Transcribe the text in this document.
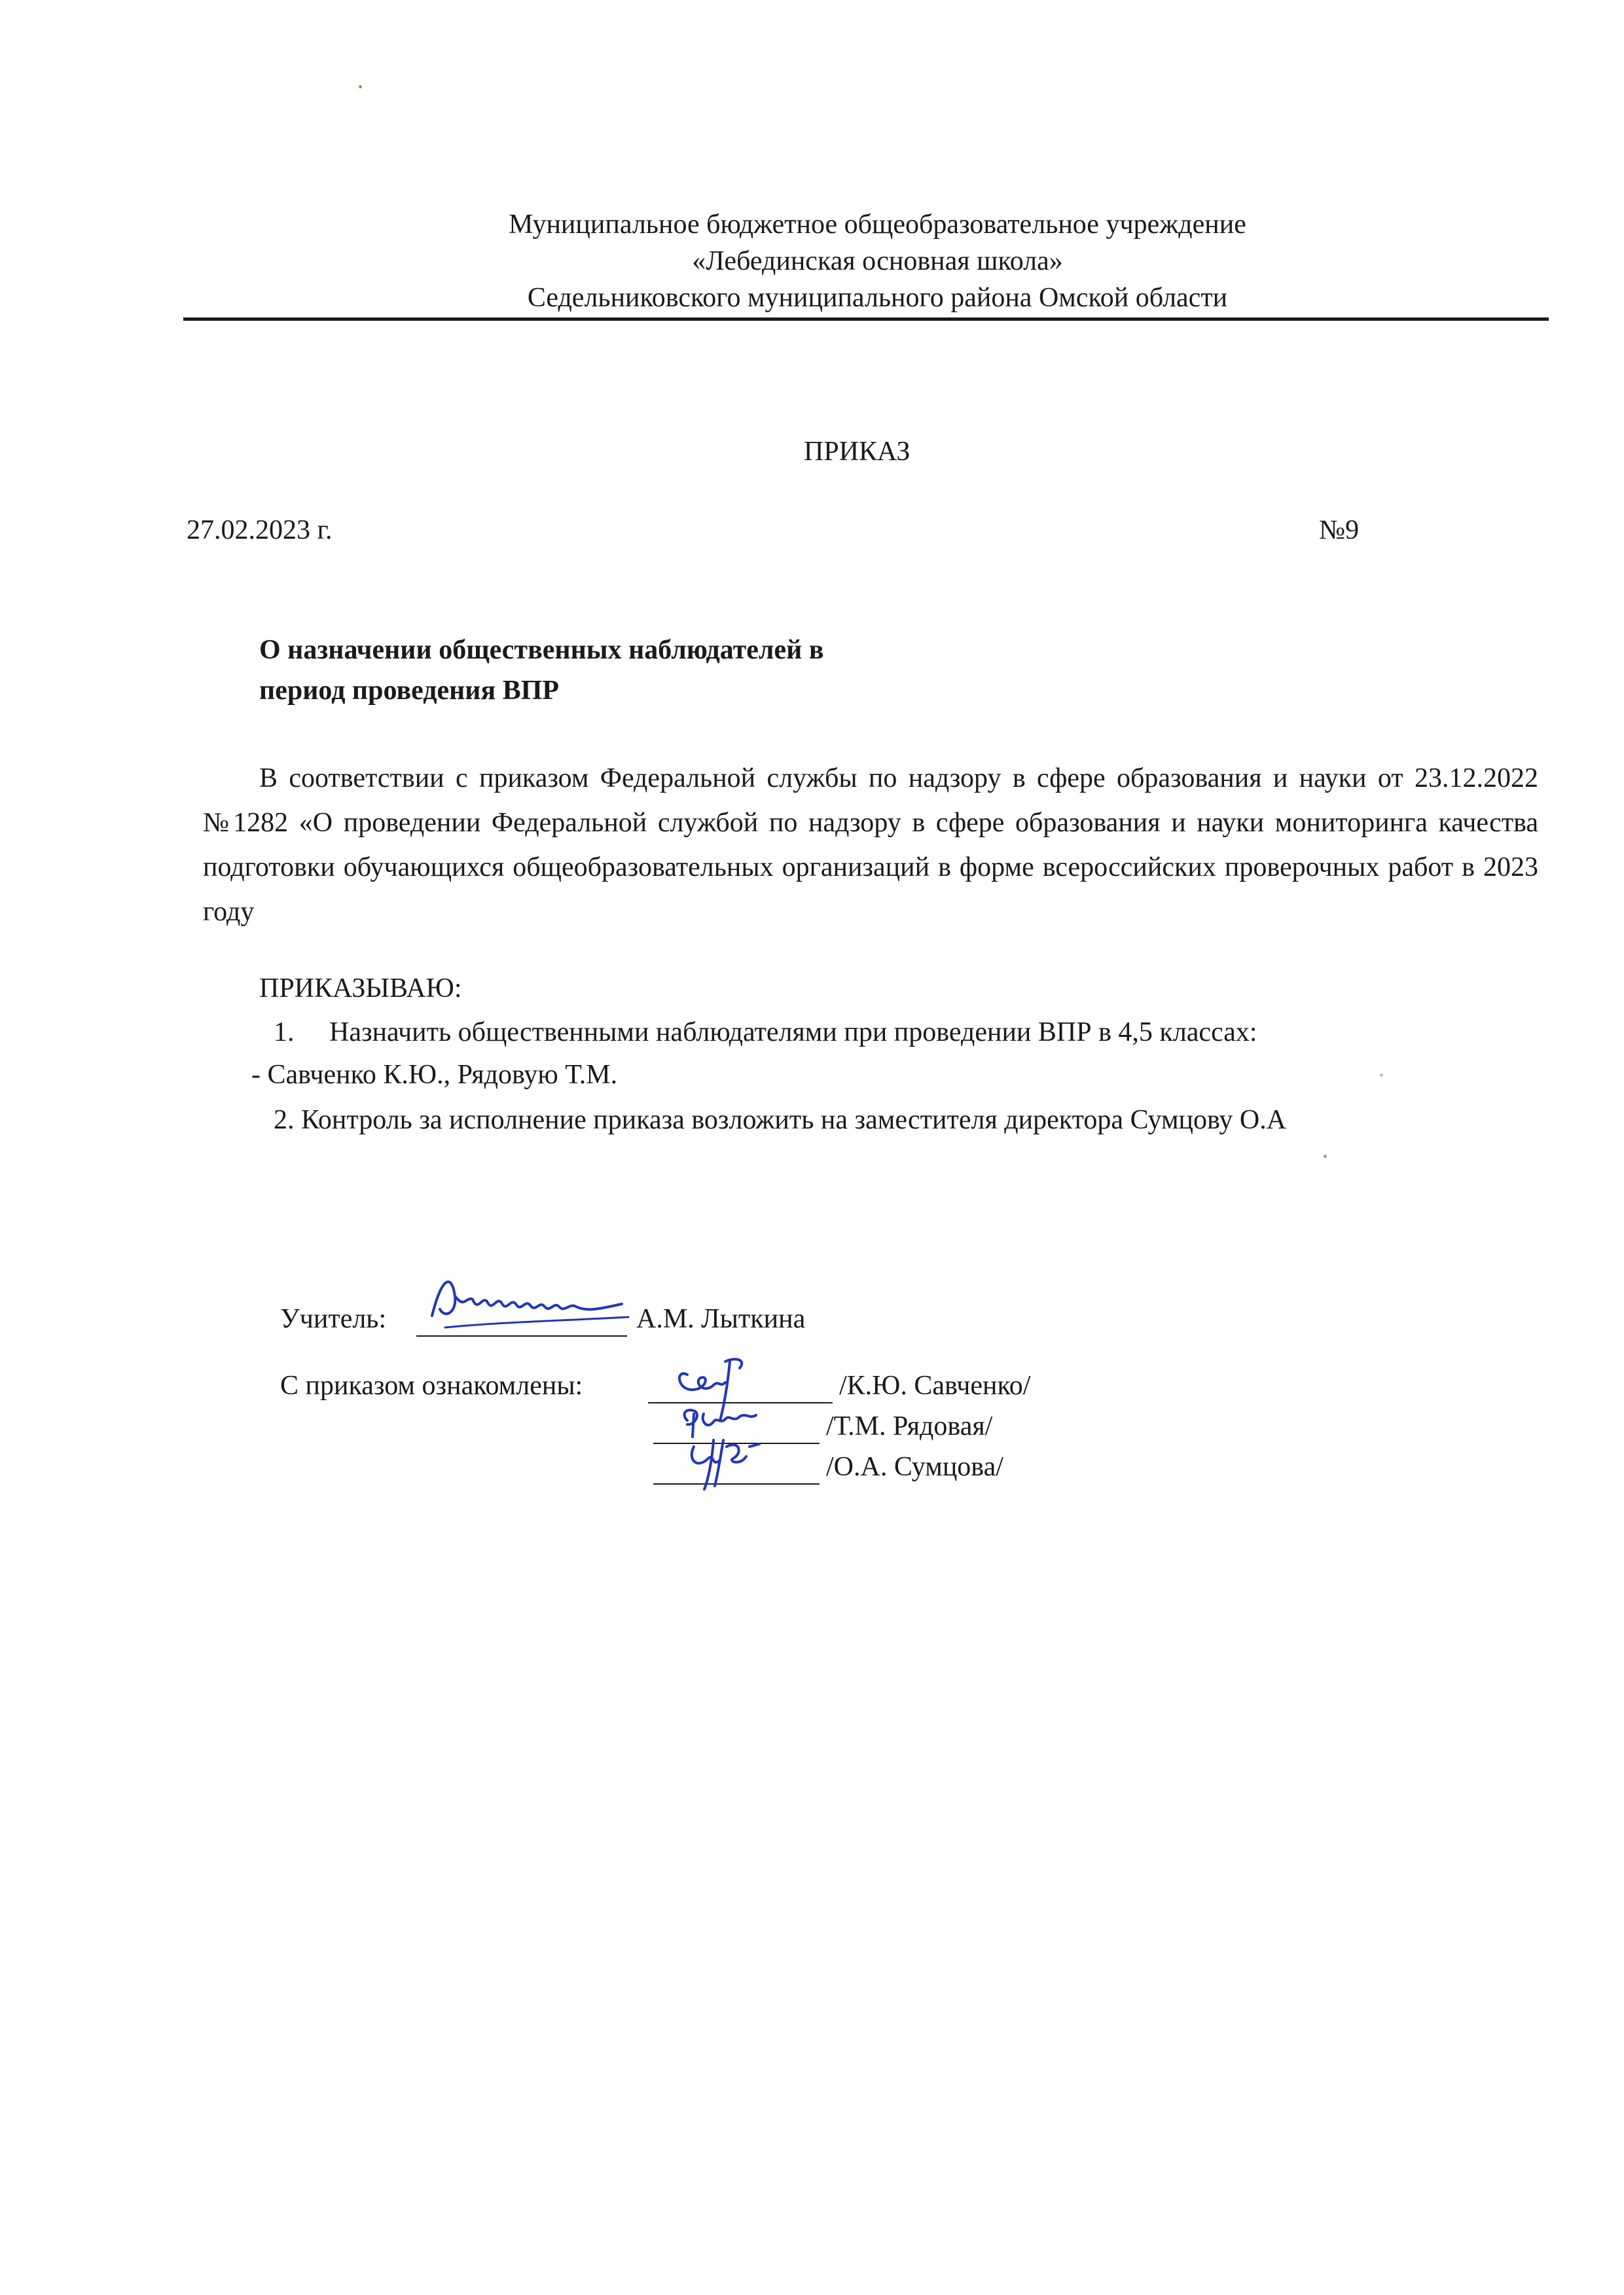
Муниципальное бюджетное общеобразовательное учреждение
«Лебединская основная школа»
Седельниковского муниципального района Омской области
ПРИКАЗ
27.02.2023 г.	№9
О назначении общественных наблюдателей в
период проведения ВПР
В соответствии с приказом Федеральной службы по надзору в сфере образования и науки от 23.12.2022 №1282 «О проведении Федеральной службой по надзору в сфере образования и науки мониторинга качества подготовки обучающихся общеобразовательных организаций в форме всероссийских проверочных работ в 2023 году
ПРИКАЗЫВАЮ:
1. Назначить общественными наблюдателями при проведении ВПР в 4,5 классах:
- Савченко К.Ю., Рядовую Т.М.
2. Контроль за исполнение приказа возложить на заместителя директора Сумцову О.А
Учитель:	А.М. Лыткина
С приказом ознакомлены:	/К.Ю. Савченко/
/Т.М. Рядовая/
/О.А. Сумцова/
